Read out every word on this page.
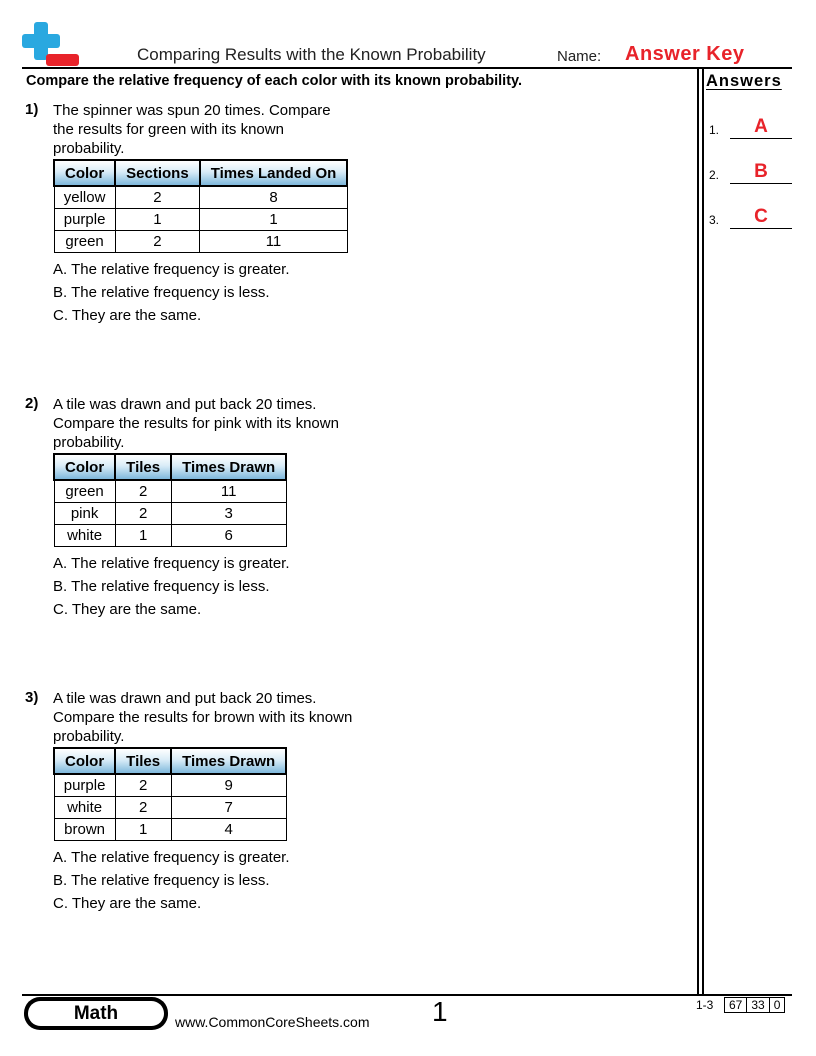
Comparing Results with the Known Probability	Name: Answer Key
Compare the relative frequency of each color with its known probability.	Answers
1.	A
2.	B
3.	C
1) The spinner was spun 20 times. Compare the results for green with its known probability.
Color	Sections	Times Landed On
yellow	2	8
purple	1	1
green	2	11
A. The relative frequency is greater.
B. The relative frequency is less.
C. They are the same.
2) A tile was drawn and put back 20 times. Compare the results for pink with its known probability.
Color	Tiles	Times Drawn
green	2	11
pink	2	3
white	1	6
A. The relative frequency is greater.
B. The relative frequency is less.
C. They are the same.
3) A tile was drawn and put back 20 times. Compare the results for brown with its known probability.
Color	Tiles	Times Drawn
purple	2	9
white	2	7
brown	1	4
A. The relative frequency is greater.
B. The relative frequency is less.
C. They are the same.
Math	www.CommonCoreSheets.com 1	1-3 67	33	0
